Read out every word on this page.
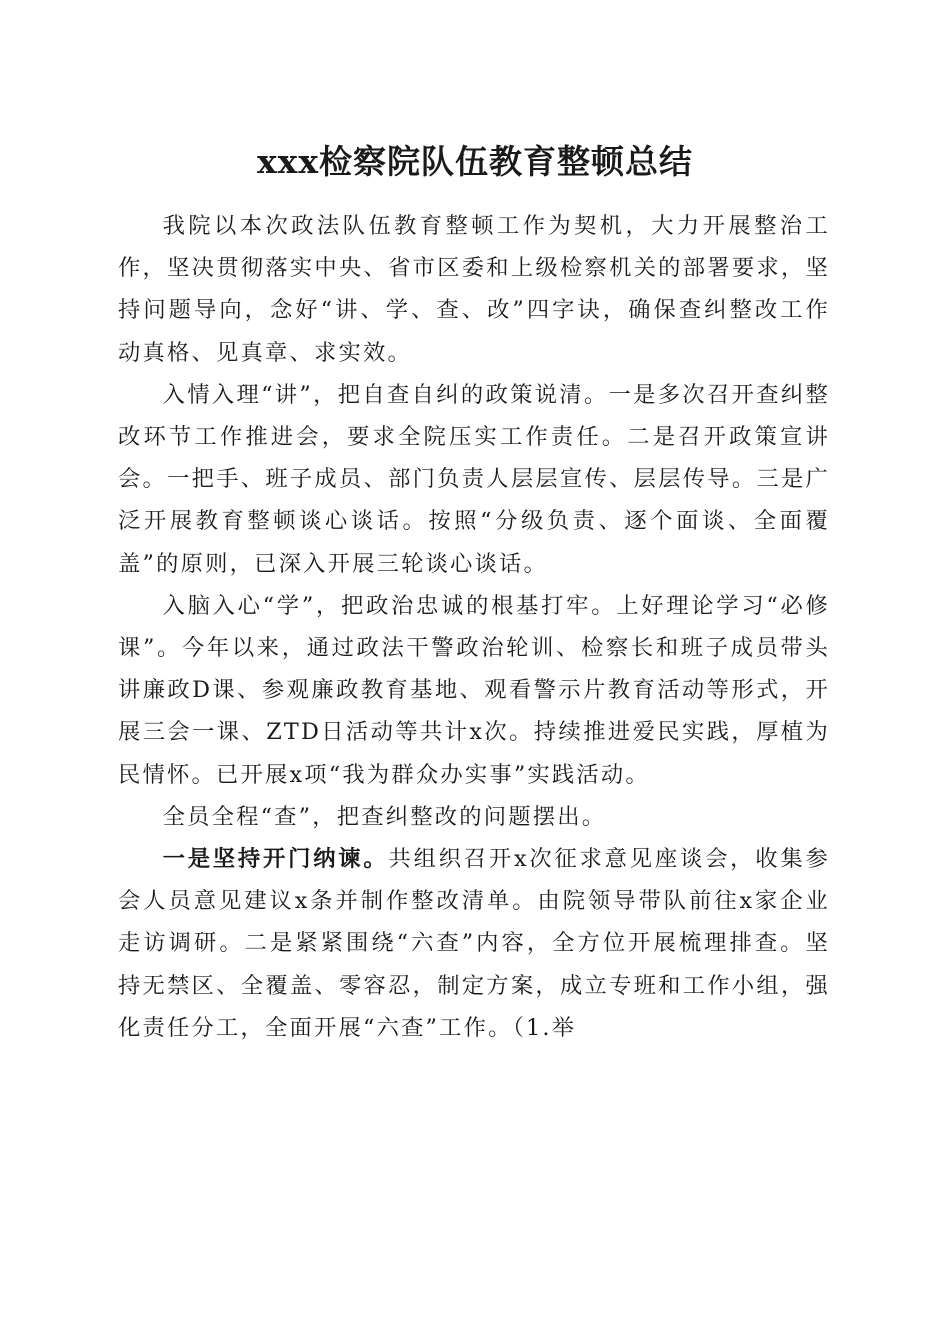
xxx检察院队伍教育整顿总结

我院以本次政法队伍教育整顿工作为契机，大力开展整治工作，坚决贯彻落实中央、省市区委和上级检察机关的部署要求，坚持问题导向，念好“讲、学、查、改”四字诀，确保查纠整改工作动真格、见真章、求实效。

入情入理“讲”，把自查自纠的政策说清。一是多次召开查纠整改环节工作推进会，要求全院压实工作责任。二是召开政策宣讲会。一把手、班子成员、部门负责人层层宣传、层层传导。三是广泛开展教育整顿谈心谈话。按照“分级负责、逐个面谈、全面覆盖”的原则，已深入开展三轮谈心谈话。

入脑入心“学”，把政治忠诚的根基打牢。上好理论学习“必修课”。今年以来，通过政法干警政治轮训、检察长和班子成员带头讲廉政D课、参观廉政教育基地、观看警示片教育活动等形式，开展三会一课、ZTD日活动等共计x次。持续推进爱民实践，厚植为民情怀。已开展x项“我为群众办实事”实践活动。

全员全程“查”，把查纠整改的问题摆出。

一是坚持开门纳谏。共组织召开x次征求意见座谈会，收集参会人员意见建议x条并制作整改清单。由院领导带队前往x家企业走访调研。二是紧紧围绕“六查”内容，全方位开展梳理排查。坚持无禁区、全覆盖、零容忍，制定方案，成立专班和工作小组，强化责任分工，全面开展“六查”工作。（1.举
